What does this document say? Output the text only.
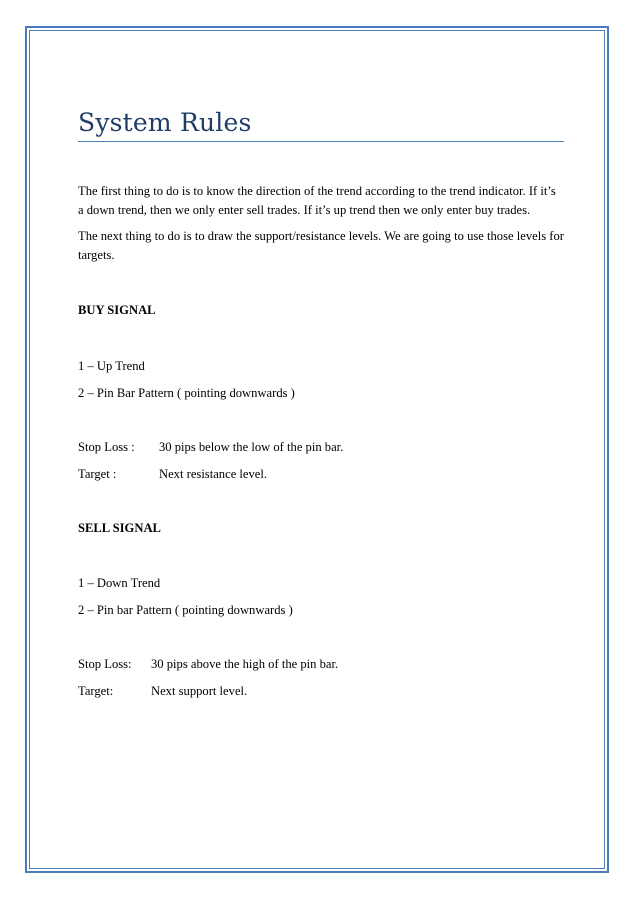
System Rules

The first thing to do is to know the direction of the trend according to the trend indicator. If it’s a down trend, then we only enter sell trades. If it’s up trend then we only enter buy trades.

The next thing to do is to draw the support/resistance levels. We are going to use those levels for targets.

BUY SIGNAL

1 – Up Trend

2 – Pin Bar Pattern ( pointing downwards )

Stop Loss :	30 pips below the low of the pin bar.
Target :	Next resistance level.
SELL SIGNAL

1 – Down Trend

2 – Pin bar Pattern ( pointing downwards )

Stop Loss:	30 pips above the high of the pin bar.
Target:	Next support level.
